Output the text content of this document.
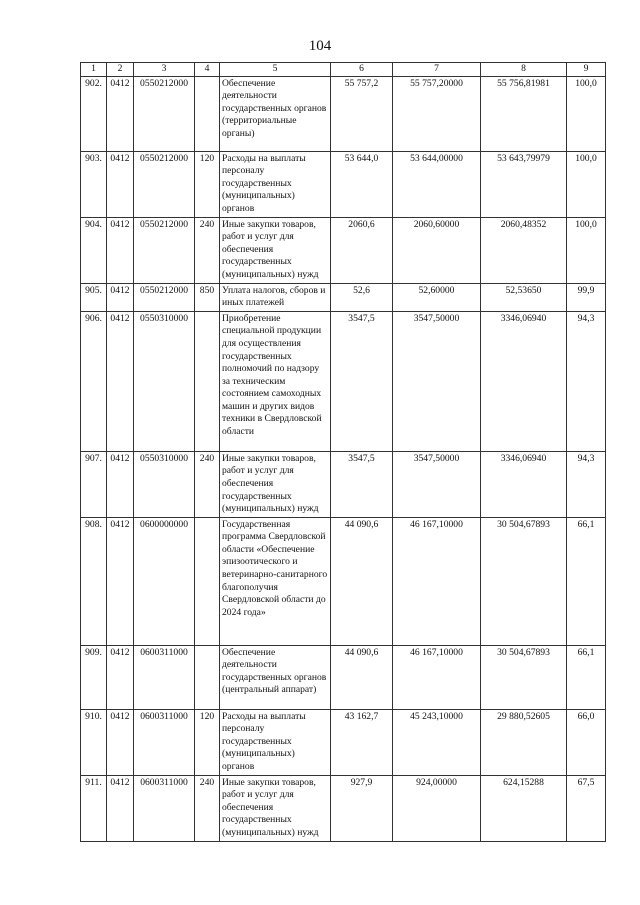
104
1	2	3	4	5	6	7	8	9
902.	0412	0550212000		Обеспечение деятельности государственных органов (территориальные органы)	55 757,2	55 757,20000	55 756,81981	100,0
903.	0412	0550212000	120	Расходы на выплаты персоналу государственных (муниципальных) органов	53 644,0	53 644,00000	53 643,79979	100,0
904.	0412	0550212000	240	Иные закупки товаров, работ и услуг для обеспечения государственных (муниципальных) нужд	2060,6	2060,60000	2060,48352	100,0
905.	0412	0550212000	850	Уплата налогов, сборов и иных платежей	52,6	52,60000	52,53650	99,9
906.	0412	0550310000		Приобретение специальной продукции для осуществления государственных полномочий по надзору за техническим состоянием самоходных машин и других видов техники в Свердловской области	3547,5	3547,50000	3346,06940	94,3
907.	0412	0550310000	240	Иные закупки товаров, работ и услуг для обеспечения государственных (муниципальных) нужд	3547,5	3547,50000	3346,06940	94,3
908.	0412	0600000000		Государственная программа Свердловской области «Обеспечение эпизоотического и ветеринарно-санитарного благополучия Свердловской области до 2024 года»	44 090,6	46 167,10000	30 504,67893	66,1
909.	0412	0600311000		Обеспечение деятельности государственных органов (центральный аппарат)	44 090,6	46 167,10000	30 504,67893	66,1
910.	0412	0600311000	120	Расходы на выплаты персоналу государственных (муниципальных) органов	43 162,7	45 243,10000	29 880,52605	66,0
911.	0412	0600311000	240	Иные закупки товаров, работ и услуг для обеспечения государственных (муниципальных) нужд	927,9	924,00000	624,15288	67,5
